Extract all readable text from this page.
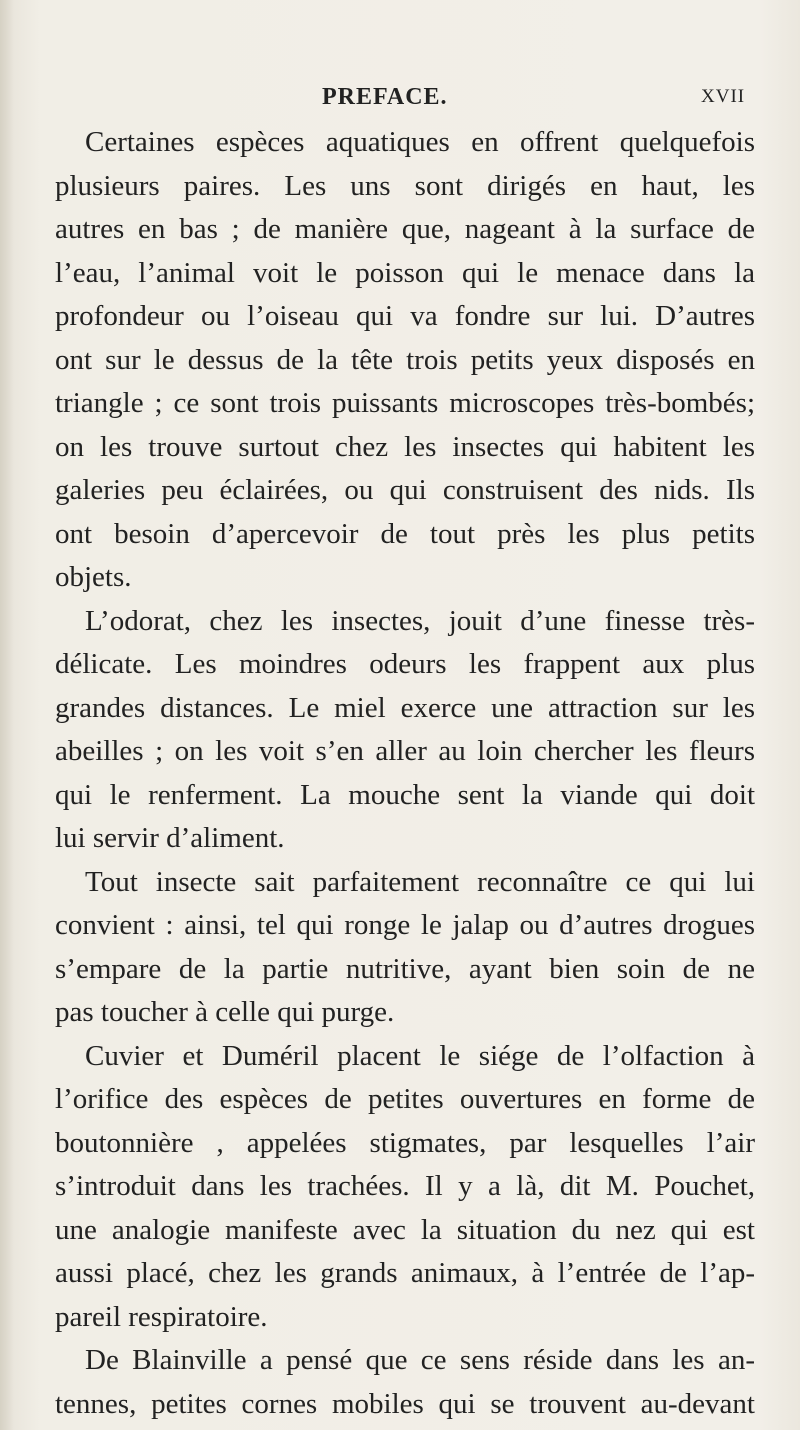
PREFACE.	XVII
Certaines espèces aquatiques en offrent quelquefois
plusieurs paires. Les uns sont dirigés en haut, les
autres en bas ; de manière que, nageant à la surface de
l’eau, l’animal voit le poisson qui le menace dans la
profondeur ou l’oiseau qui va fondre sur lui. D’autres
ont sur le dessus de la tête trois petits yeux disposés en
triangle ; ce sont trois puissants microscopes très-bombés;
on les trouve surtout chez les insectes qui habitent les
galeries peu éclairées, ou qui construisent des nids. Ils
ont besoin d’apercevoir de tout près les plus petits
objets.
L’odorat, chez les insectes, jouit d’une finesse très-
délicate. Les moindres odeurs les frappent aux plus
grandes distances. Le miel exerce une attraction sur les
abeilles ; on les voit s’en aller au loin chercher les fleurs
qui le renferment. La mouche sent la viande qui doit
lui servir d’aliment.
Tout insecte sait parfaitement reconnaître ce qui lui
convient : ainsi, tel qui ronge le jalap ou d’autres drogues
s’empare de la partie nutritive, ayant bien soin de ne
pas toucher à celle qui purge.
Cuvier et Duméril placent le siége de l’olfaction à
l’orifice des espèces de petites ouvertures en forme de
boutonnière , appelées stigmates, par lesquelles l’air
s’introduit dans les trachées. Il y a là, dit M. Pouchet,
une analogie manifeste avec la situation du nez qui est
aussi placé, chez les grands animaux, à l’entrée de l’ap-
pareil respiratoire.
De Blainville a pensé que ce sens réside dans les an-
tennes, petites cornes mobiles qui se trouvent au-devant
